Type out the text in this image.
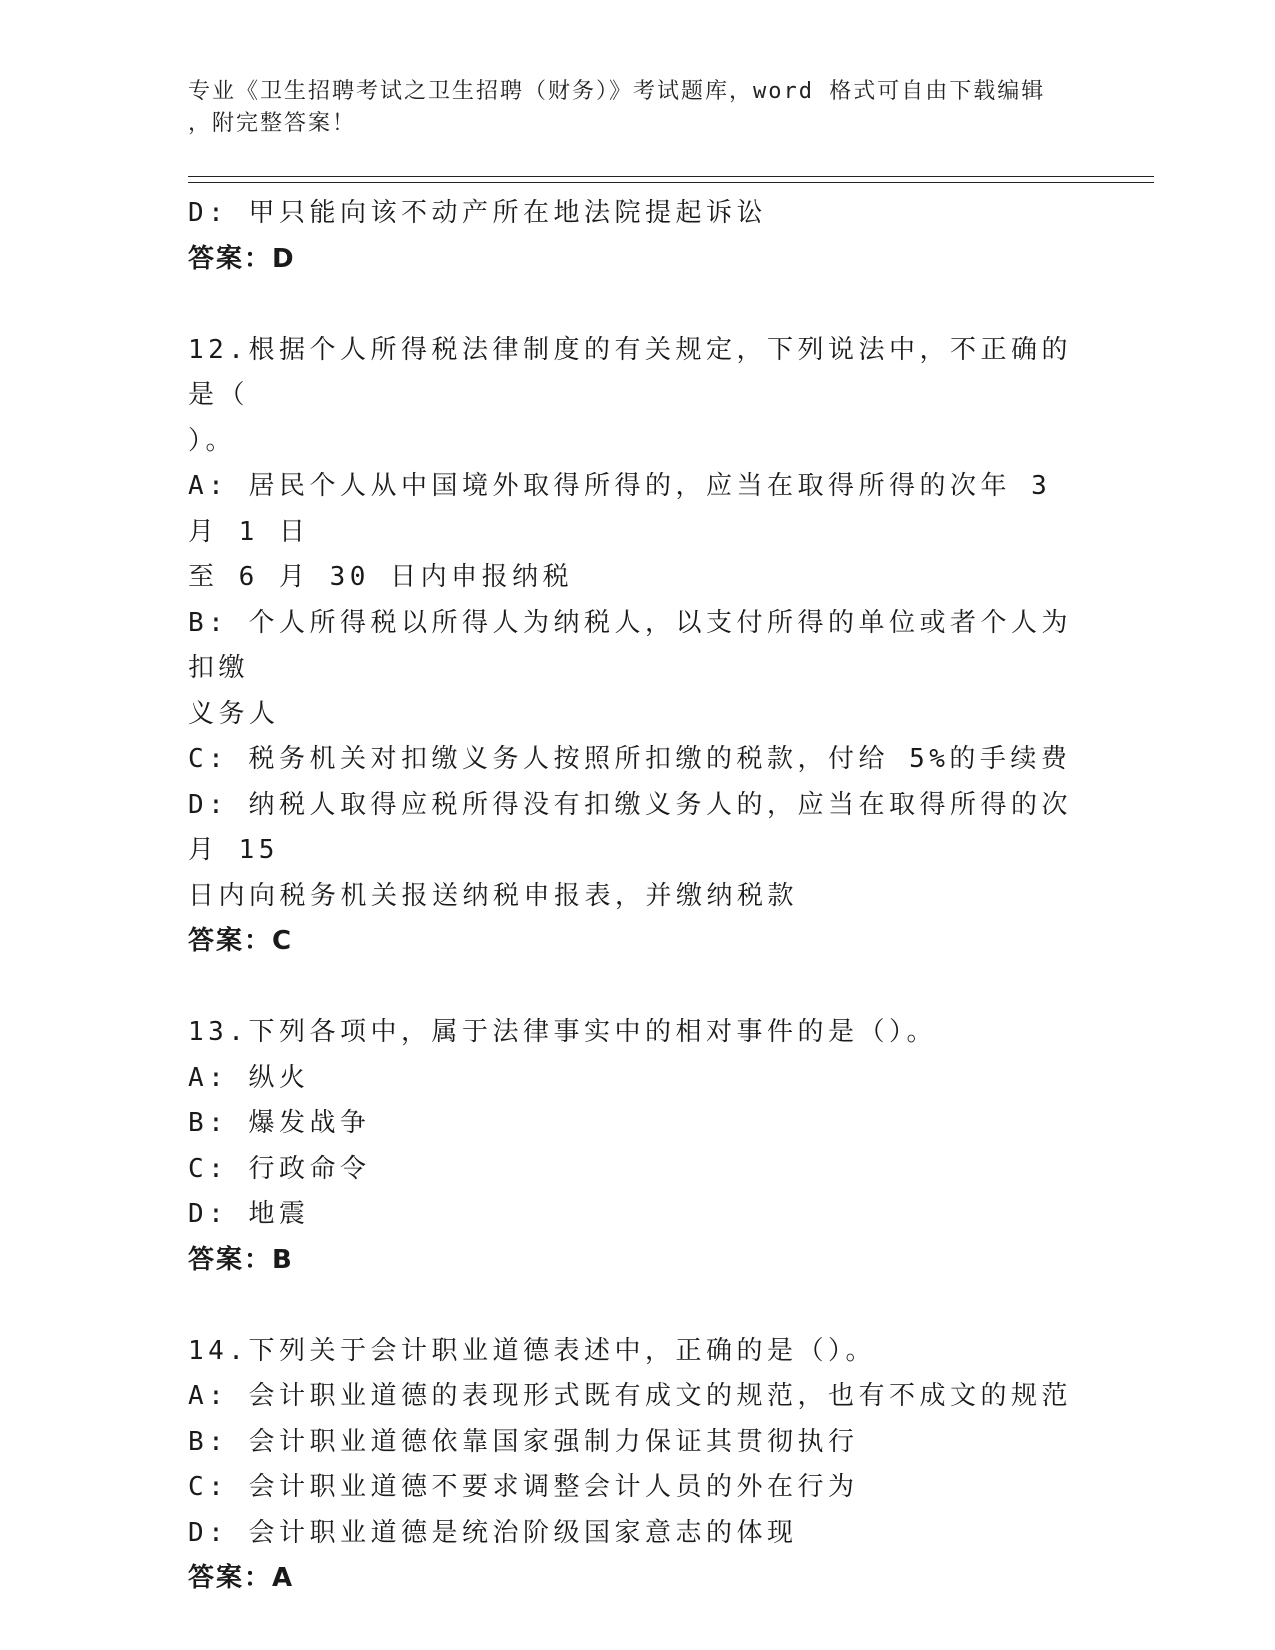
专业《卫生招聘考试之卫生招聘（财务）》考试题库，word 格式可自由下载编辑
，附完整答案！
D: 甲只能向该不动产所在地法院提起诉讼
答案：D
12.根据个人所得税法律制度的有关规定，下列说法中，不正确的是（
）。
A: 居民个人从中国境外取得所得的，应当在取得所得的次年 3 月 1 日
至 6 月 30 日内申报纳税
B: 个人所得税以所得人为纳税人，以支付所得的单位或者个人为扣缴
义务人
C: 税务机关对扣缴义务人按照所扣缴的税款，付给 5%的手续费
D: 纳税人取得应税所得没有扣缴义务人的，应当在取得所得的次月 15
日内向税务机关报送纳税申报表，并缴纳税款
答案：C
13.下列各项中，属于法律事实中的相对事件的是（）。
A: 纵火
B: 爆发战争
C: 行政命令
D: 地震
答案：B
14.下列关于会计职业道德表述中，正确的是（）。
A: 会计职业道德的表现形式既有成文的规范，也有不成文的规范
B: 会计职业道德依靠国家强制力保证其贯彻执行
C: 会计职业道德不要求调整会计人员的外在行为
D: 会计职业道德是统治阶级国家意志的体现
答案：A
